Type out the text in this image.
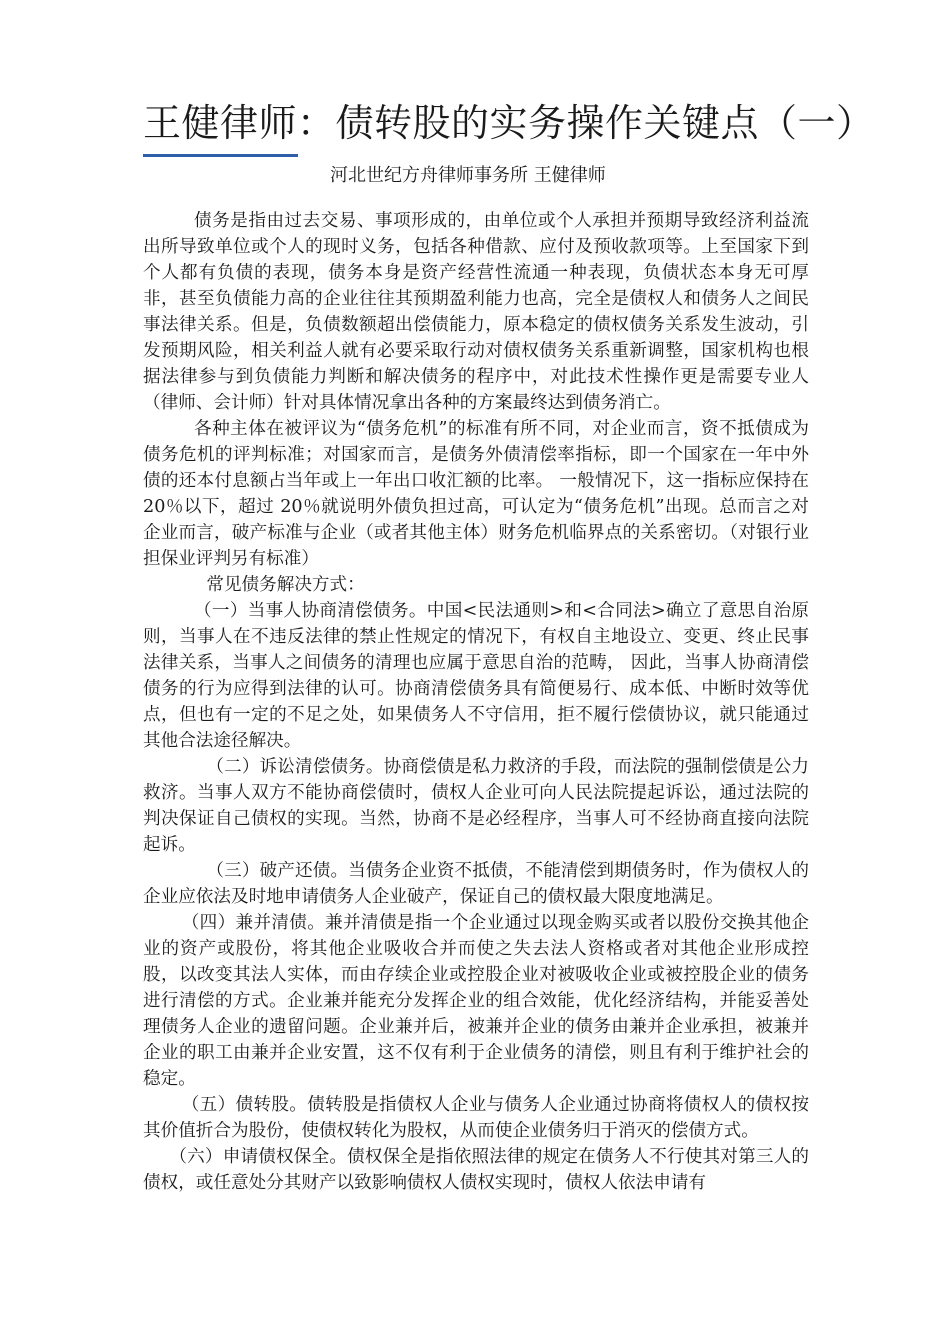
王健律师：债转股的实务操作关键点（一）
河北世纪方舟律师事务所 王健律师

债务是指由过去交易、事项形成的，由单位或个人承担并预期导致经济利益流出所导致单位或个人的现时义务，包括各种借款、应付及预收款项等。上至国家下到个人都有负债的表现，债务本身是资产经营性流通一种表现，负债状态本身无可厚非，甚至负债能力高的企业往往其预期盈利能力也高，完全是债权人和债务人之间民事法律关系。但是，负债数额超出偿债能力，原本稳定的债权债务关系发生波动，引发预期风险，相关利益人就有必要采取行动对债权债务关系重新调整，国家机构也根据法律参与到负债能力判断和解决债务的程序中，对此技术性操作更是需要专业人（律师、会计师）针对具体情况拿出各种的方案最终达到债务消亡。

各种主体在被评议为“债务危机”的标准有所不同，对企业而言，资不抵债成为债务危机的评判标准；对国家而言，是债务外债清偿率指标，即一个国家在一年中外债的还本付息额占当年或上一年出口收汇额的比率。 一般情况下，这一指标应保持在 20％以下，超过 20％就说明外债负担过高，可认定为“债务危机”出现。总而言之对企业而言，破产标准与企业（或者其他主体）财务危机临界点的关系密切。（对银行业担保业评判另有标准）

常见债务解决方式：

（一）当事人协商清偿债务。中国<民法通则>和<合同法>确立了意思自治原则，当事人在不违反法律的禁止性规定的情况下，有权自主地设立、变更、终止民事法律关系，当事人之间债务的清理也应属于意思自治的范畴， 因此，当事人协商清偿债务的行为应得到法律的认可。协商清偿债务具有简便易行、成本低、中断时效等优点，但也有一定的不足之处，如果债务人不守信用，拒不履行偿债协议，就只能通过其他合法途径解决。

（二）诉讼清偿债务。协商偿债是私力救济的手段，而法院的强制偿债是公力救济。当事人双方不能协商偿债时，债权人企业可向人民法院提起诉讼，通过法院的判决保证自己债权的实现。当然，协商不是必经程序，当事人可不经协商直接向法院起诉。

（三）破产还债。当债务企业资不抵债，不能清偿到期债务时，作为债权人的企业应依法及时地申请债务人企业破产，保证自己的债权最大限度地满足。

（四）兼并清债。兼并清债是指一个企业通过以现金购买或者以股份交换其他企业的资产或股份，将其他企业吸收合并而使之失去法人资格或者对其他企业形成控股，以改变其法人实体，而由存续企业或控股企业对被吸收企业或被控股企业的债务进行清偿的方式。企业兼并能充分发挥企业的组合效能，优化经济结构，并能妥善处理债务人企业的遗留问题。企业兼并后，被兼并企业的债务由兼并企业承担，被兼并企业的职工由兼并企业安置，这不仅有利于企业债务的清偿，则且有利于维护社会的稳定。

（五）债转股。债转股是指债权人企业与债务人企业通过协商将债权人的债权按其价值折合为股份，使债权转化为股权，从而使企业债务归于消灭的偿债方式。

（六）申请债权保全。债权保全是指依照法律的规定在债务人不行使其对第三人的债权，或任意处分其财产以致影响债权人债权实现时，债权人依法申请有
